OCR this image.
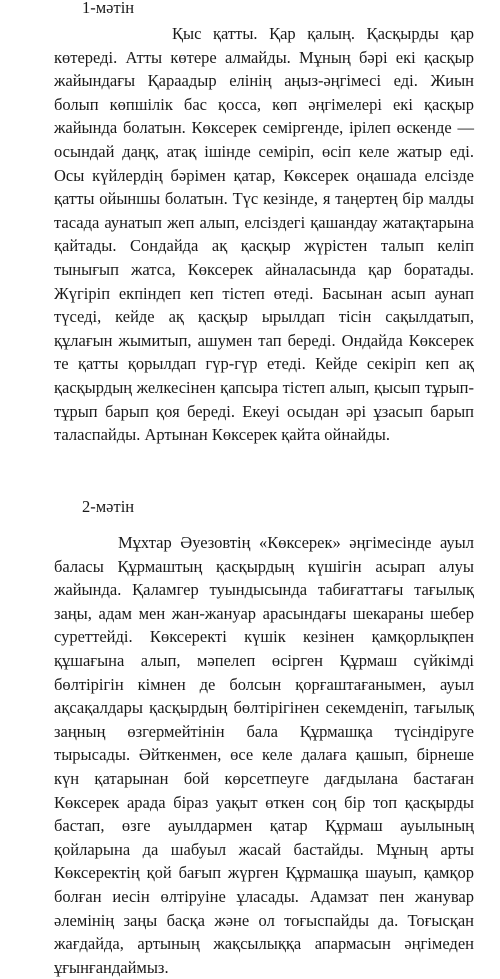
1-мәтін

Қыс қатты. Қар қалың. Қасқырды қар көтереді. Атты көтере алмайды. Мұның бәрі екі қасқыр жайындағы Қараадыр елінің аңыз-әңгімесі еді. Жиын болып көпшілік бас қосса, көп әңгімелері екі қасқыр жайында болатын. Көксерек семіргенде, ірілеп өскенде — осындай даңқ, атақ ішінде семіріп, өсіп келе жатыр еді. Осы күйлердің бәрімен қатар, Көксерек оңашада елсізде қатты ойыншы болатын. Түс кезінде, я таңертең бір малды тасада аунатып жеп алып, елсіздегі қашандау жатақтарына қайтады. Сондайда ақ қасқыр жүрістен талып келіп тынығып жатса, Көксерек айналасында қар боратады. Жүгіріп екпіндеп кеп тістеп өтеді. Басынан асып аунап түседі, кейде ақ қасқыр ырылдап тісін сақылдатып, құлағын жымитып, ашумен тап береді. Ондайда Көксерек те қатты қорылдап гүр-гүр етеді. Кейде секіріп кеп ақ қасқырдың желкесінен қапсыра тістеп алып, қысып тұрып-тұрып барып қоя береді. Екеуі осыдан әрі ұзасып барып таласпайды. Артынан Көксерек қайта ойнайды.

2-мәтін

Мұхтар Әуезовтің «Көксерек» әңгімесінде ауыл баласы Құрмаштың қасқырдың күшігін асырап алуы жайында. Қаламгер туындысында табиғаттағы тағылық заңы, адам мен жан-жануар арасындағы шекараны шебер суреттейді. Көксеректі күшік кезінен қамқорлықпен құшағына алып, мәпелеп өсірген Құрмаш сүйкімді бөлтірігін кімнен де болсын қорғаштағанымен, ауыл ақсақалдары қасқырдың бөлтірігінен секемденіп, тағылық заңның өзгермейтінін бала Құрмашқа түсіндіруге тырысады. Әйткенмен, өсе келе далаға қашып, бірнеше күн қатарынан бой көрсетпеуге дағдылана бастаған Көксерек арада біраз уақыт өткен соң бір топ қасқырды бастап, өзге ауылдармен қатар Құрмаш ауылының қойларына да шабуыл жасай бастайды. Мұның арты Көксеректің қой бағып жүрген Құрмашқа шауып, қамқор болған иесін өлтіруіне ұласады. Адамзат пен жанувар әлемінің заңы басқа және ол тоғыспайды да. Тоғысқан жағдайда, артының жақсылыққа апармасын әңгімеден ұғынғандаймыз.
